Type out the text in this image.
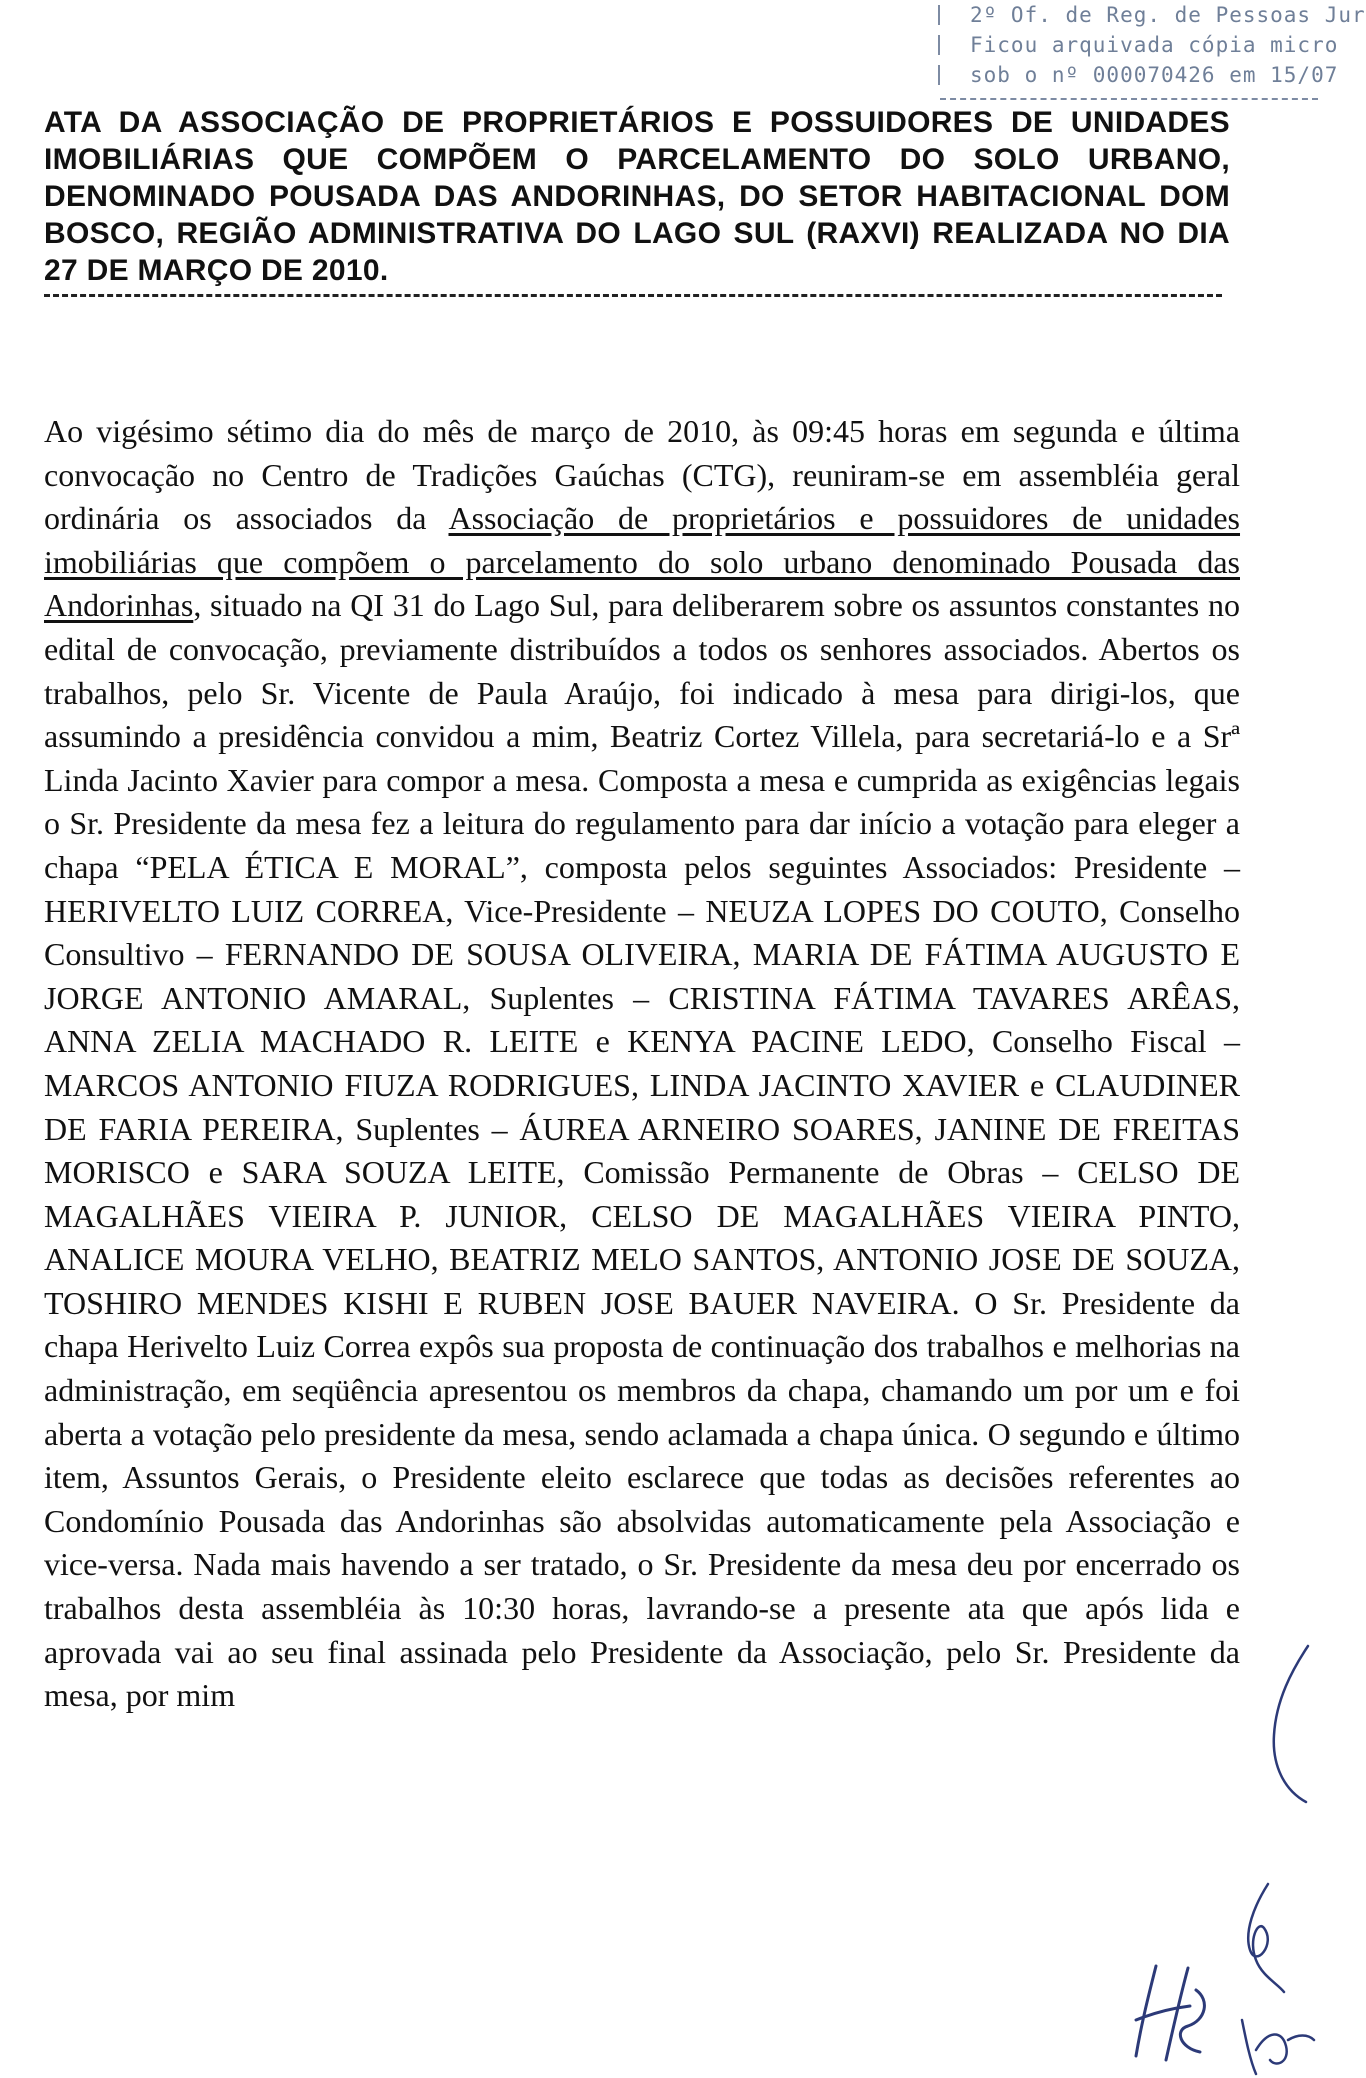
2º Of. de Reg. de Pessoas Jur
Ficou arquivada cópia micro
sob o nº 000070426 em 15/07
ATA DA ASSOCIAÇÃO DE PROPRIETÁRIOS E POSSUIDORES DE UNIDADES IMOBILIÁRIAS QUE COMPÕEM O PARCELAMENTO DO SOLO URBANO, DENOMINADO POUSADA DAS ANDORINHAS, DO SETOR HABITACIONAL DOM BOSCO, REGIÃO ADMINISTRATIVA DO LAGO SUL (RAXVI) REALIZADA NO DIA 27 DE MARÇO DE 2010.

Ao vigésimo sétimo dia do mês de março de 2010, às 09:45 horas em segunda e última convocação no Centro de Tradições Gaúchas (CTG), reuniram-se em assembléia geral ordinária os associados da Associação de proprietários e possuidores de unidades imobiliárias que compõem o parcelamento do solo urbano denominado Pousada das Andorinhas, situado na QI 31 do Lago Sul, para deliberarem sobre os assuntos constantes no edital de convocação, previamente distribuídos a todos os senhores associados. Abertos os trabalhos, pelo Sr. Vicente de Paula Araújo, foi indicado à mesa para dirigi-los, que assumindo a presidência convidou a mim, Beatriz Cortez Villela, para secretariá-lo e a Srª Linda Jacinto Xavier para compor a mesa. Composta a mesa e cumprida as exigências legais o Sr. Presidente da mesa fez a leitura do regulamento para dar início a votação para eleger a chapa “PELA ÉTICA E MORAL”, composta pelos seguintes Associados: Presidente – HERIVELTO LUIZ CORREA, Vice-Presidente – NEUZA LOPES DO COUTO, Conselho Consultivo – FERNANDO DE SOUSA OLIVEIRA, MARIA DE FÁTIMA AUGUSTO E JORGE ANTONIO AMARAL, Suplentes – CRISTINA FÁTIMA TAVARES ARÊAS, ANNA ZELIA MACHADO R. LEITE e KENYA PACINE LEDO, Conselho Fiscal – MARCOS ANTONIO FIUZA RODRIGUES, LINDA JACINTO XAVIER e CLAUDINER DE FARIA PEREIRA, Suplentes – ÁUREA ARNEIRO SOARES, JANINE DE FREITAS MORISCO e SARA SOUZA LEITE, Comissão Permanente de Obras – CELSO DE MAGALHÃES VIEIRA P. JUNIOR, CELSO DE MAGALHÃES VIEIRA PINTO, ANALICE MOURA VELHO, BEATRIZ MELO SANTOS, ANTONIO JOSE DE SOUZA, TOSHIRO MENDES KISHI E RUBEN JOSE BAUER NAVEIRA. O Sr. Presidente da chapa Herivelto Luiz Correa expôs sua proposta de continuação dos trabalhos e melhorias na administração, em seqüência apresentou os membros da chapa, chamando um por um e foi aberta a votação pelo presidente da mesa, sendo aclamada a chapa única. O segundo e último item, Assuntos Gerais, o Presidente eleito esclarece que todas as decisões referentes ao Condomínio Pousada das Andorinhas são absolvidas automaticamente pela Associação e vice-versa. Nada mais havendo a ser tratado, o Sr. Presidente da mesa deu por encerrado os trabalhos desta assembléia às 10:30 horas, lavrando-se a presente ata que após lida e aprovada vai ao seu final assinada pelo Presidente da Associação, pelo Sr. Presidente da mesa, por mim
